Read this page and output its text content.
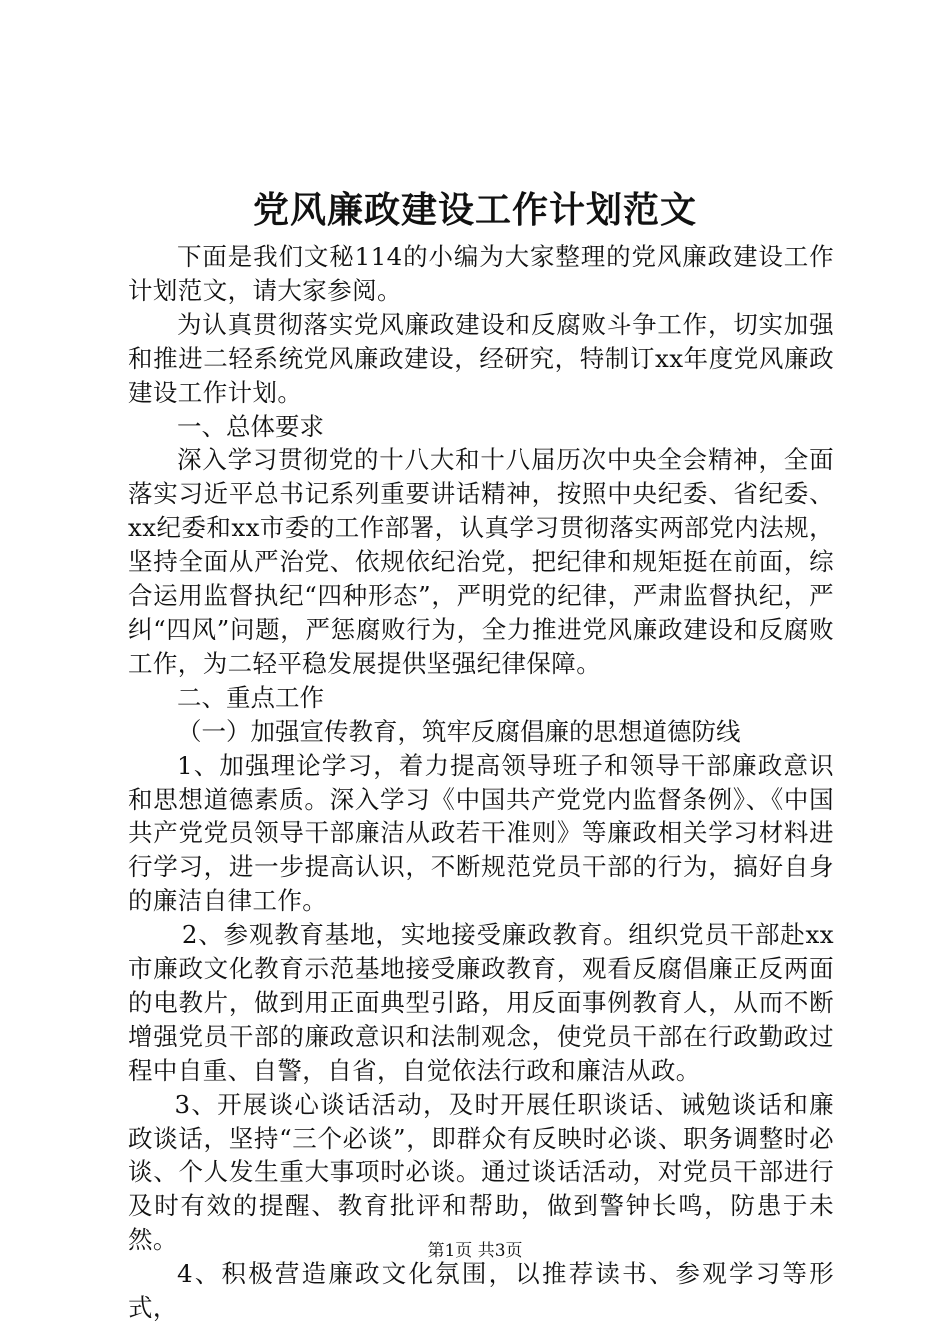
党风廉政建设工作计划范文

下面是我们文秘114的小编为大家整理的党风廉政建设工作计划范文，请大家参阅。

为认真贯彻落实党风廉政建设和反腐败斗争工作，切实加强和推进二轻系统党风廉政建设，经研究，特制订xx年度党风廉政建设工作计划。

一、总体要求

深入学习贯彻党的十八大和十八届历次中央全会精神，全面落实习近平总书记系列重要讲话精神，按照中央纪委、省纪委、xx纪委和xx市委的工作部署，认真学习贯彻落实两部党内法规，坚持全面从严治党、依规依纪治党，把纪律和规矩挺在前面，综合运用监督执纪“四种形态”，严明党的纪律，严肃监督执纪，严纠“四风”问题，严惩腐败行为，全力推进党风廉政建设和反腐败工作，为二轻平稳发展提供坚强纪律保障。

二、重点工作

（一）加强宣传教育，筑牢反腐倡廉的思想道德防线

1、加强理论学习，着力提高领导班子和领导干部廉政意识和思想道德素质。深入学习《中国共产党党内监督条例》、《中国共产党党员领导干部廉洁从政若干准则》等廉政相关学习材料进行学习，进一步提高认识，不断规范党员干部的行为，搞好自身的廉洁自律工作。

2、参观教育基地，实地接受廉政教育。组织党员干部赴xx市廉政文化教育示范基地接受廉政教育，观看反腐倡廉正反两面的电教片，做到用正面典型引路，用反面事例教育人，从而不断增强党员干部的廉政意识和法制观念，使党员干部在行政勤政过程中自重、自警，自省，自觉依法行政和廉洁从政。

3、开展谈心谈话活动，及时开展任职谈话、诫勉谈话和廉政谈话，坚持“三个必谈”，即群众有反映时必谈、职务调整时必谈、个人发生重大事项时必谈。通过谈话活动，对党员干部进行及时有效的提醒、教育批评和帮助，做到警钟长鸣，防患于未然。

4、积极营造廉政文化氛围，以推荐读书、参观学习等形式，

第1页 共3页
